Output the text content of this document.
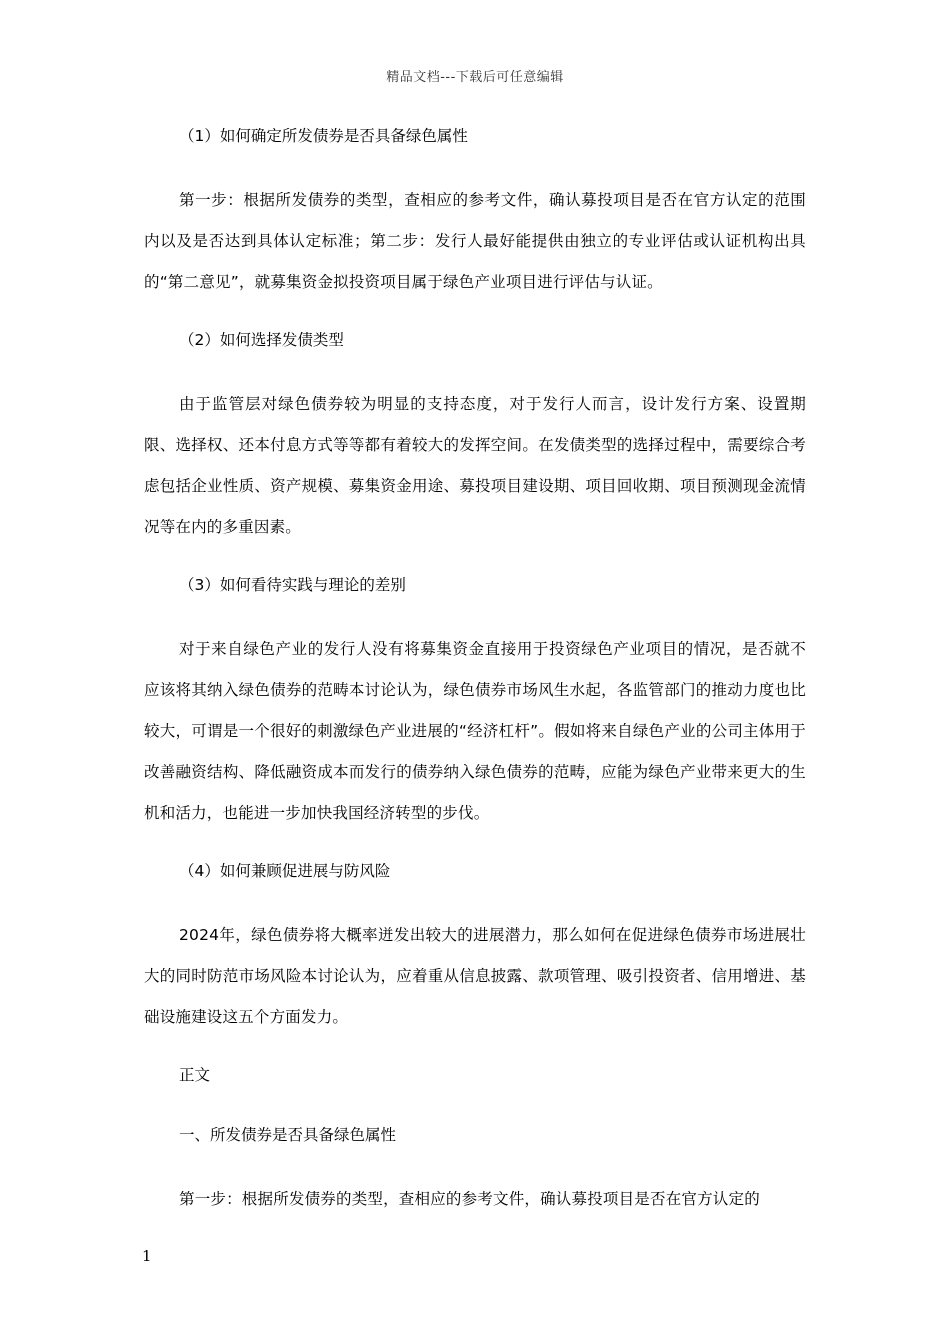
精品文档---下载后可任意编辑

（1）如何确定所发债券是否具备绿色属性

第一步：根据所发债券的类型，查相应的参考文件，确认募投项目是否在官方认定的范围内以及是否达到具体认定标准；第二步：发行人最好能提供由独立的专业评估或认证机构出具的“第二意见”，就募集资金拟投资项目属于绿色产业项目进行评估与认证。

（2）如何选择发债类型

由于监管层对绿色债券较为明显的支持态度，对于发行人而言，设计发行方案、设置期限、选择权、还本付息方式等等都有着较大的发挥空间。在发债类型的选择过程中，需要综合考虑包括企业性质、资产规模、募集资金用途、募投项目建设期、项目回收期、项目预测现金流情况等在内的多重因素。

（3）如何看待实践与理论的差别

对于来自绿色产业的发行人没有将募集资金直接用于投资绿色产业项目的情况，是否就不应该将其纳入绿色债券的范畴本讨论认为，绿色债券市场风生水起，各监管部门的推动力度也比较大，可谓是一个很好的刺激绿色产业进展的“经济杠杆”。假如将来自绿色产业的公司主体用于改善融资结构、降低融资成本而发行的债券纳入绿色债券的范畴，应能为绿色产业带来更大的生机和活力，也能进一步加快我国经济转型的步伐。

（4）如何兼顾促进展与防风险

2024年，绿色债券将大概率迸发出较大的进展潜力，那么如何在促进绿色债券市场进展壮大的同时防范市场风险本讨论认为，应着重从信息披露、款项管理、吸引投资者、信用增进、基础设施建设这五个方面发力。

正文

一、所发债券是否具备绿色属性

第一步：根据所发债券的类型，查相应的参考文件，确认募投项目是否在官方认定的

1
